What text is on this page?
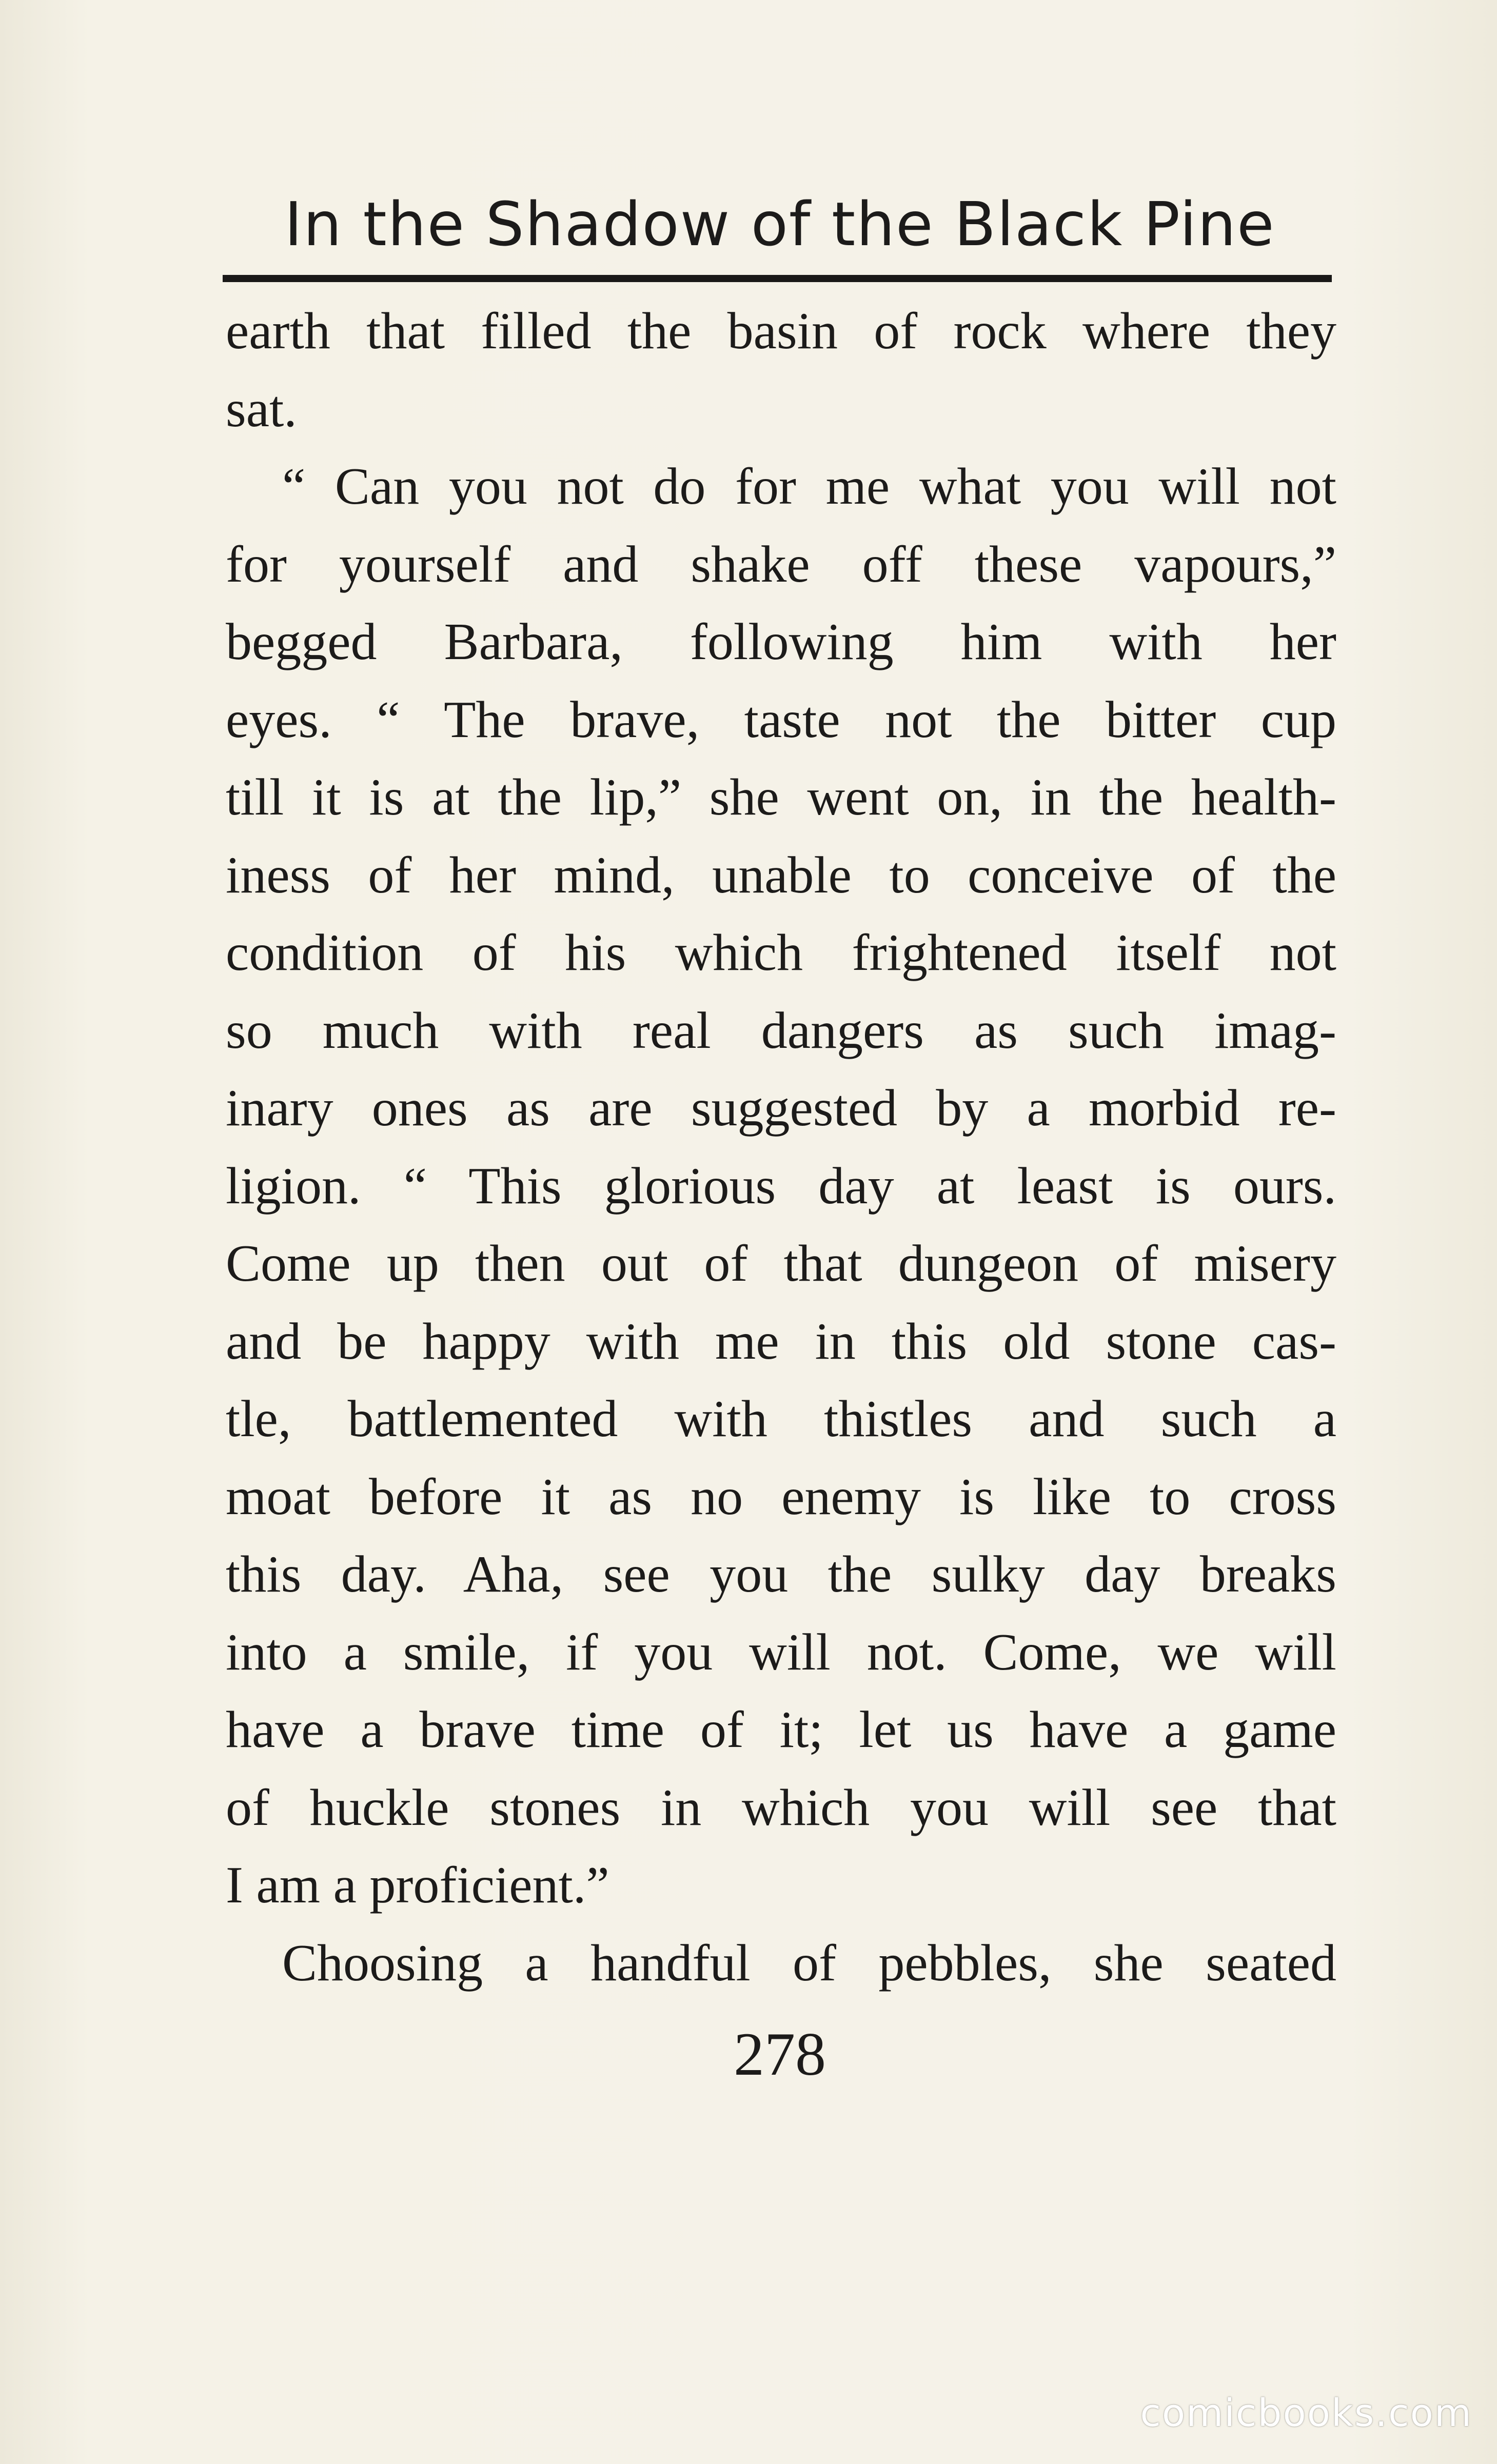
In the Shadow of the Black Pine
earth that filled the basin of rock where they
sat.
“ Can you not do for me what you will not
for yourself and shake off these vapours,”
begged Barbara, following him with her
eyes. “ The brave, taste not the bitter cup
till it is at the lip,” she went on, in the health-
iness of her mind, unable to conceive of the
condition of his which frightened itself not
so much with real dangers as such imag-
inary ones as are suggested by a morbid re-
ligion. “ This glorious day at least is ours.
Come up then out of that dungeon of misery
and be happy with me in this old stone cas-
tle, battlemented with thistles and such a
moat before it as no enemy is like to cross
this day. Aha, see you the sulky day breaks
into a smile, if you will not. Come, we will
have a brave time of it; let us have a game
of huckle stones in which you will see that
I am a proficient.”
Choosing a handful of pebbles, she seated
278
comicbooks.com
